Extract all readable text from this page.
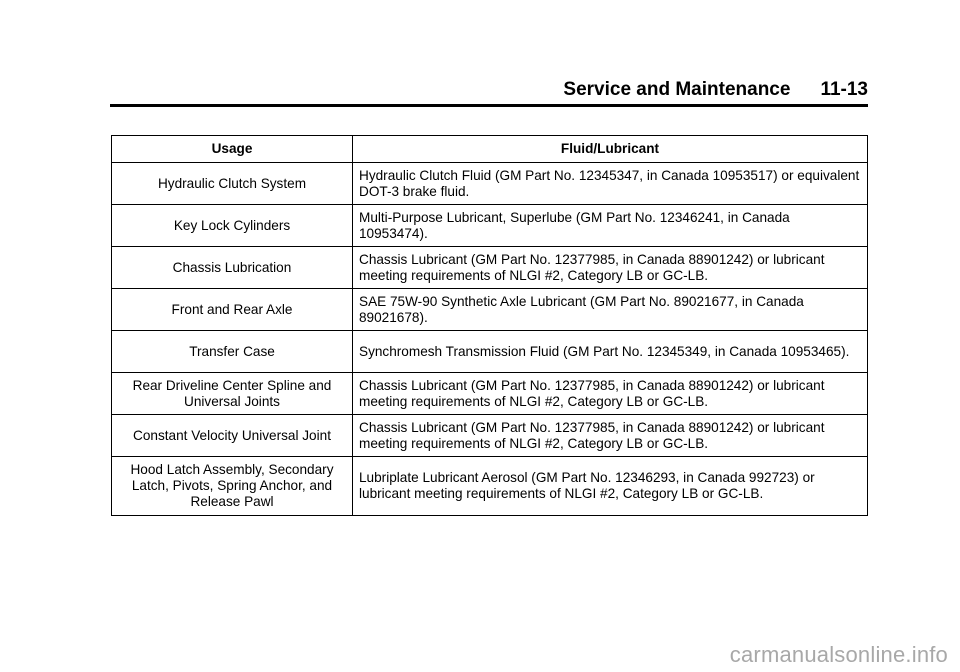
Service and Maintenance 11-13
Usage	Fluid/Lubricant
Hydraulic Clutch System	Hydraulic Clutch Fluid (GM Part No. 12345347, in Canada 10953517) or equivalent DOT-3 brake fluid.
Key Lock Cylinders	Multi-Purpose Lubricant, Superlube (GM Part No. 12346241, in Canada 10953474).
Chassis Lubrication	Chassis Lubricant (GM Part No. 12377985, in Canada 88901242) or lubricant meeting requirements of NLGI #2, Category LB or GC-LB.
Front and Rear Axle	SAE 75W-90 Synthetic Axle Lubricant (GM Part No. 89021677, in Canada 89021678).
Transfer Case	Synchromesh Transmission Fluid (GM Part No. 12345349, in Canada 10953465).
Rear Driveline Center Spline and Universal Joints	Chassis Lubricant (GM Part No. 12377985, in Canada 88901242) or lubricant meeting requirements of NLGI #2, Category LB or GC-LB.
Constant Velocity Universal Joint	Chassis Lubricant (GM Part No. 12377985, in Canada 88901242) or lubricant meeting requirements of NLGI #2, Category LB or GC-LB.
Hood Latch Assembly, Secondary Latch, Pivots, Spring Anchor, and Release Pawl	Lubriplate Lubricant Aerosol (GM Part No. 12346293, in Canada 992723) or lubricant meeting requirements of NLGI #2, Category LB or GC-LB.
carmanualsonline.info
